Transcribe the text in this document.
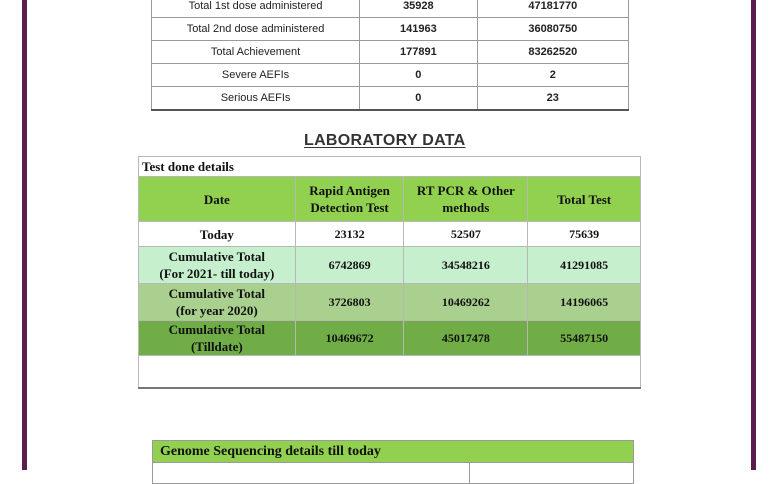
Total 1st dose administered	35928	47181770
Total 2nd dose administered	141963	36080750
Total Achievement	177891	83262520
Severe AEFIs	0	2
Serious AEFIs	0	23
LABORATORY DATA
Test done details			
Date	Rapid Antigen Detection Test	RT PCR & Other methods	Total Test
Today	23132	52507	75639

Cumulative Total
(For 2021- till today)	6742869	34548216	41291085

Cumulative Total
(for year 2020)	3726803	10469262	14196065

Cumulative Total
(Tilldate)	10469672	45017478	55487150

Genome Sequencing details till today
